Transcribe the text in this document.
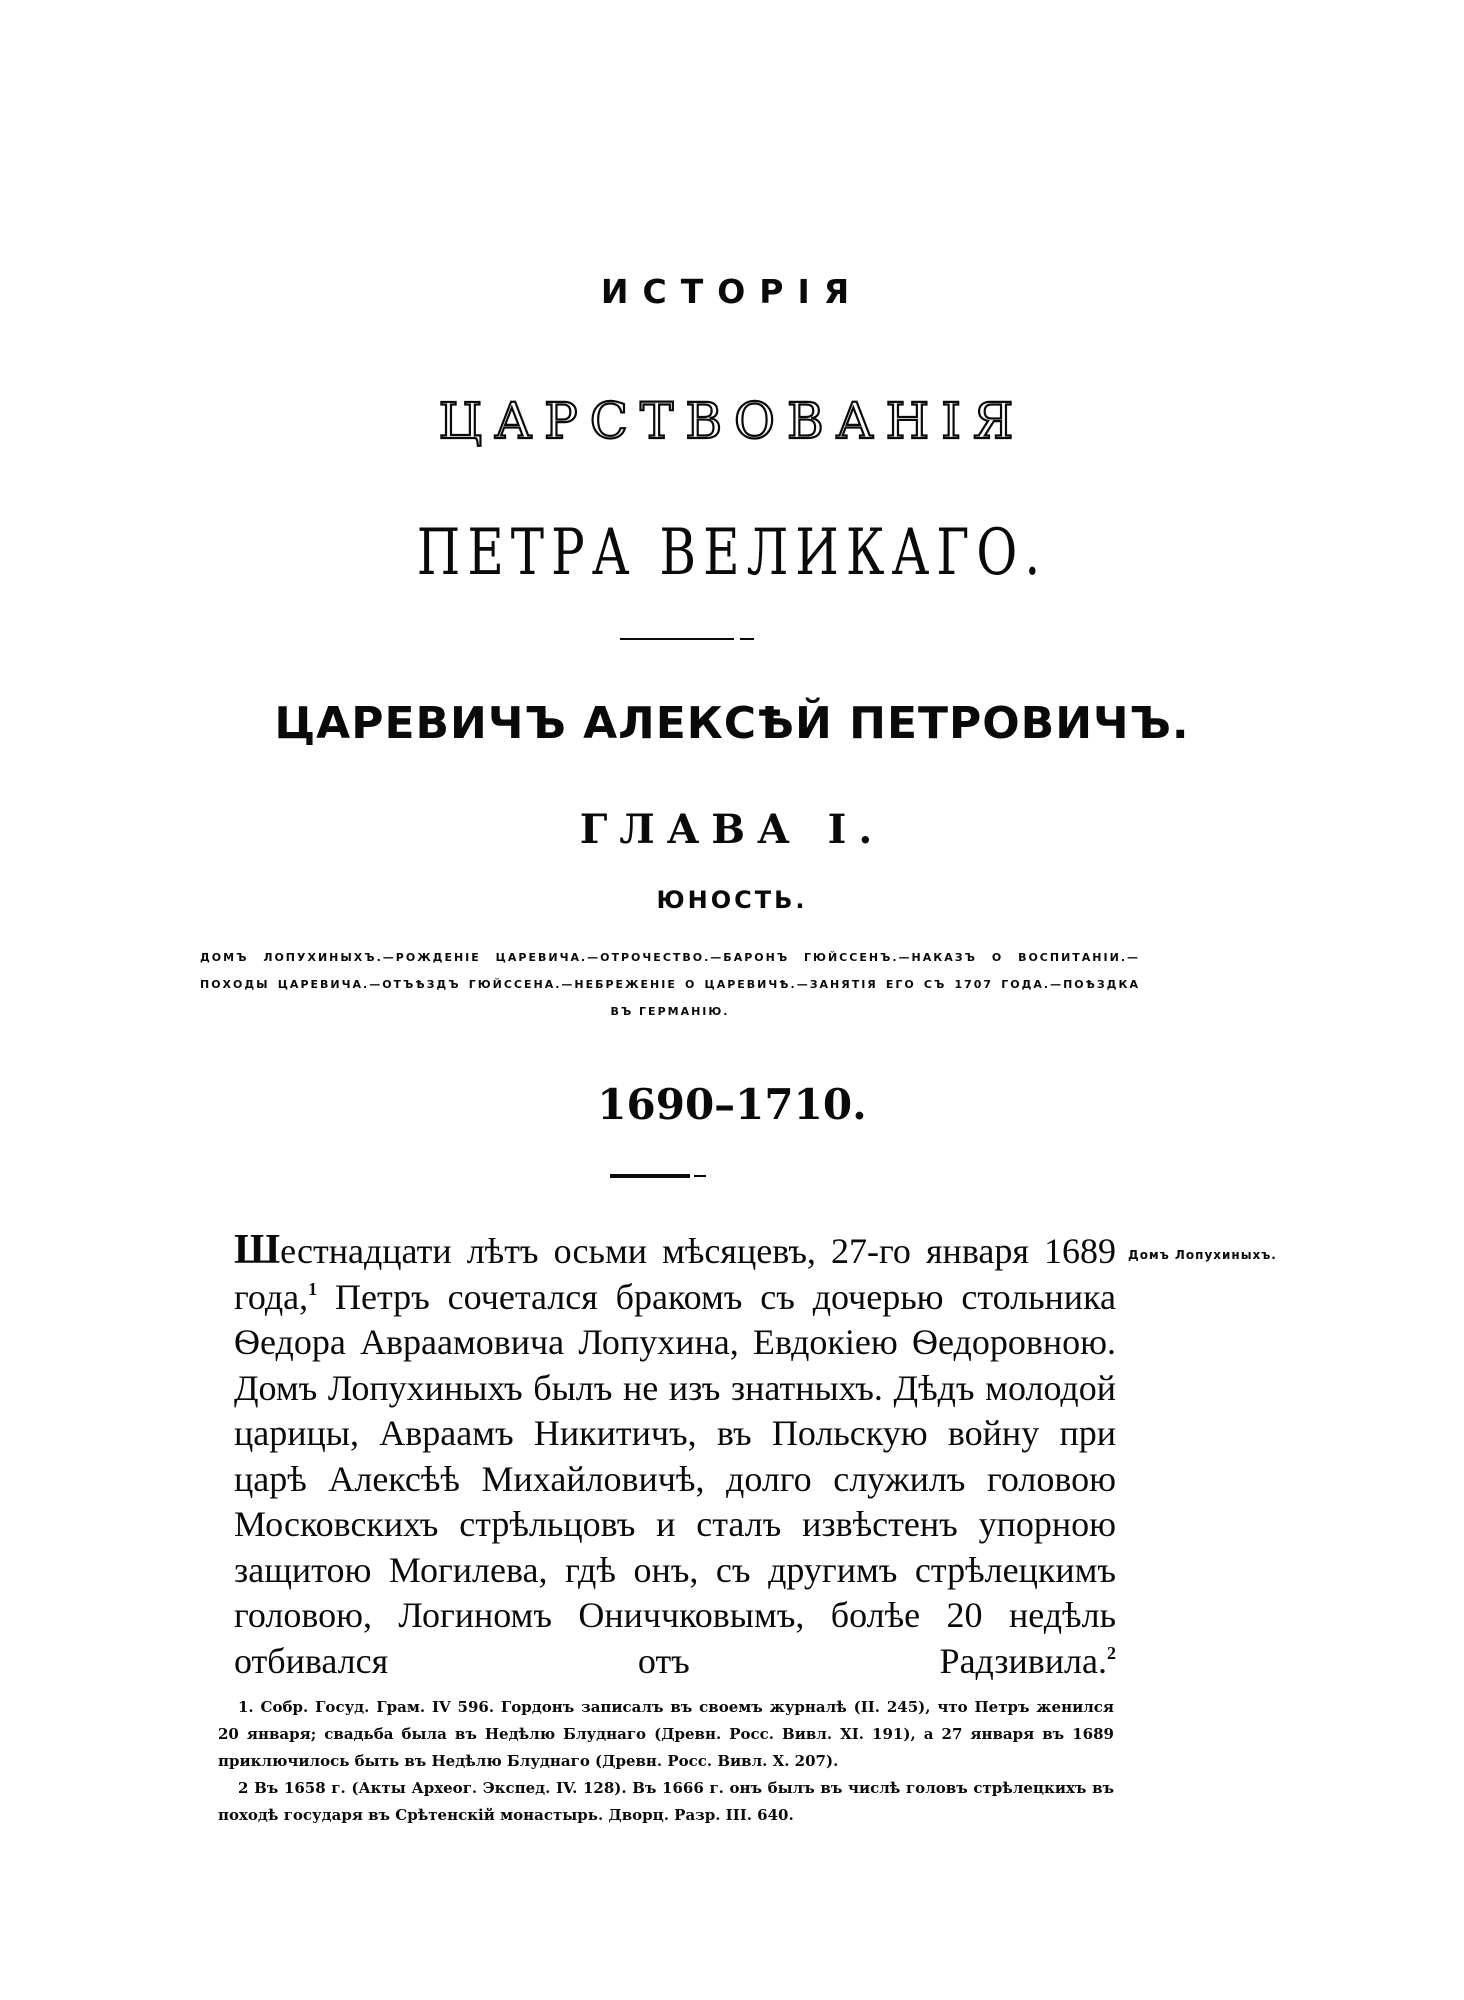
ИСТОРІЯ
ЦАРСТВОВАНІЯ
ПЕТРА ВЕЛИКАГО.
ЦАРЕВИЧЪ АЛЕКСѢЙ ПЕТРОВИЧЪ.
ГЛАВА I.
ЮНОСТЬ.
ДОМЪ ЛОПУХИНЫХЪ.—РОЖДЕНІЕ ЦАРЕВИЧА.—ОТРОЧЕСТВО.—БАРОНЪ ГЮЙССЕНЪ.—НАКАЗЪ О ВОСПИТАНІИ.—ПОХОДЫ ЦАРЕВИЧА.—ОТЪѢЗДЪ ГЮЙССЕНА.—НЕБРЕЖЕНІЕ О ЦАРЕВИЧѢ.—ЗАНЯТІЯ ЕГО СЪ 1707 ГОДА.—ПОѢЗДКА ВЪ ГЕРМАНІЮ.
1690–1710.

Шестнадцати лѣтъ осьми мѣсяцевъ, 27-го января 1689 года,$^1$ Петръ сочетался бракомъ съ дочерью стольника Ѳедора Авраамовича Лопухина, Евдокіею Ѳедоровною.

Домъ Лопухиныхъ былъ не изъ знатныхъ. Дѣдъ молодой царицы, Авраамъ Никитичъ, въ Польскую войну при царѣ Алексѣѣ Михайловичѣ, долго служилъ головою Московскихъ стрѣльцовъ и сталъ извѣстенъ упорною защитою Могилева, гдѣ онъ, съ другимъ стрѣлецкимъ головою, Логиномъ Ониччковымъ, болѣе 20 недѣль отбивался отъ Радзивила.$^2$

Домъ Лопухиныхъ.

1. Собр. Госуд. Грам. IV 596. Гордонъ записалъ въ своемъ журналѣ (II. 245), что Петръ женился 20 января; свадьба была въ Недѣлю Блуднаго (Древн. Росс. Вивл. XI. 191), а 27 января въ 1689 приключилось быть въ Недѣлю Блуднаго (Древн. Росс. Вивл. X. 207).

2 Въ 1658 г. (Акты Археог. Экспед. IV. 128). Въ 1666 г. онъ былъ въ числѣ головъ стрѣлецкихъ въ походѣ государя въ Срѣтенскій монастырь. Дворц. Разр. III. 640.
